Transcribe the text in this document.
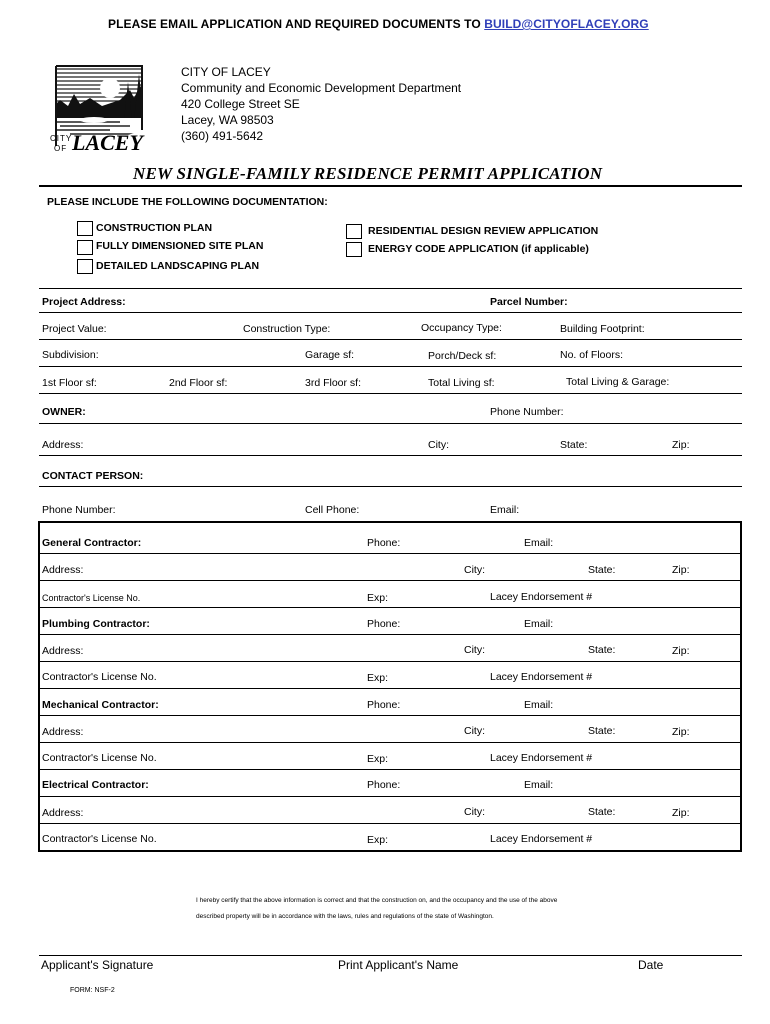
PLEASE EMAIL APPLICATION AND REQUIRED DOCUMENTS TO BUILD@CITYOFLACEY.ORG
CITY
OF LACEY
CITY OF LACEY
Community and Economic Development Department
420 College Street SE
Lacey, WA 98503
(360) 491-5642
NEW SINGLE-FAMILY RESIDENCE PERMIT APPLICATION
PLEASE INCLUDE THE FOLLOWING DOCUMENTATION:
CONSTRUCTION PLAN
FULLY DIMENSIONED SITE PLAN
DETAILED LANDSCAPING PLAN
RESIDENTIAL DESIGN REVIEW APPLICATION
ENERGY CODE APPLICATION (if applicable)
Project Address:	Parcel Number:
Project Value:	Construction Type:	Occupancy Type:	Building Footprint:
Subdivision:	Garage sf:	Porch/Deck sf:	No. of Floors:
1st Floor sf:	2nd Floor sf:	3rd Floor sf:	Total Living sf:	Total Living & Garage:
OWNER:	Phone Number:
Address:	City:	State:	Zip:
CONTACT PERSON:
Phone Number:	Cell Phone:	Email:
General Contractor:	Phone:	Email:
Address:	City:	State:	Zip:
Contractor's License No.	Exp:	Lacey Endorsement #
Plumbing Contractor:	Phone:	Email:
Address:	City:	State:	Zip:
Contractor's License No.	Exp:	Lacey Endorsement #
Mechanical Contractor:	Phone:	Email:
Address:	City:	State:	Zip:
Contractor's License No.	Exp:	Lacey Endorsement #
Electrical Contractor:	Phone:	Email:
Address:	City:	State:	Zip:
Contractor's License No.	Exp:	Lacey Endorsement #
I hereby certify that the above information is correct and that the construction on, and the occupancy and the use of the above
described property will be in accordance with the laws, rules and regulations of the state of Washington.
Applicant's Signature	Print Applicant's Name	Date
FORM: NSF-2
